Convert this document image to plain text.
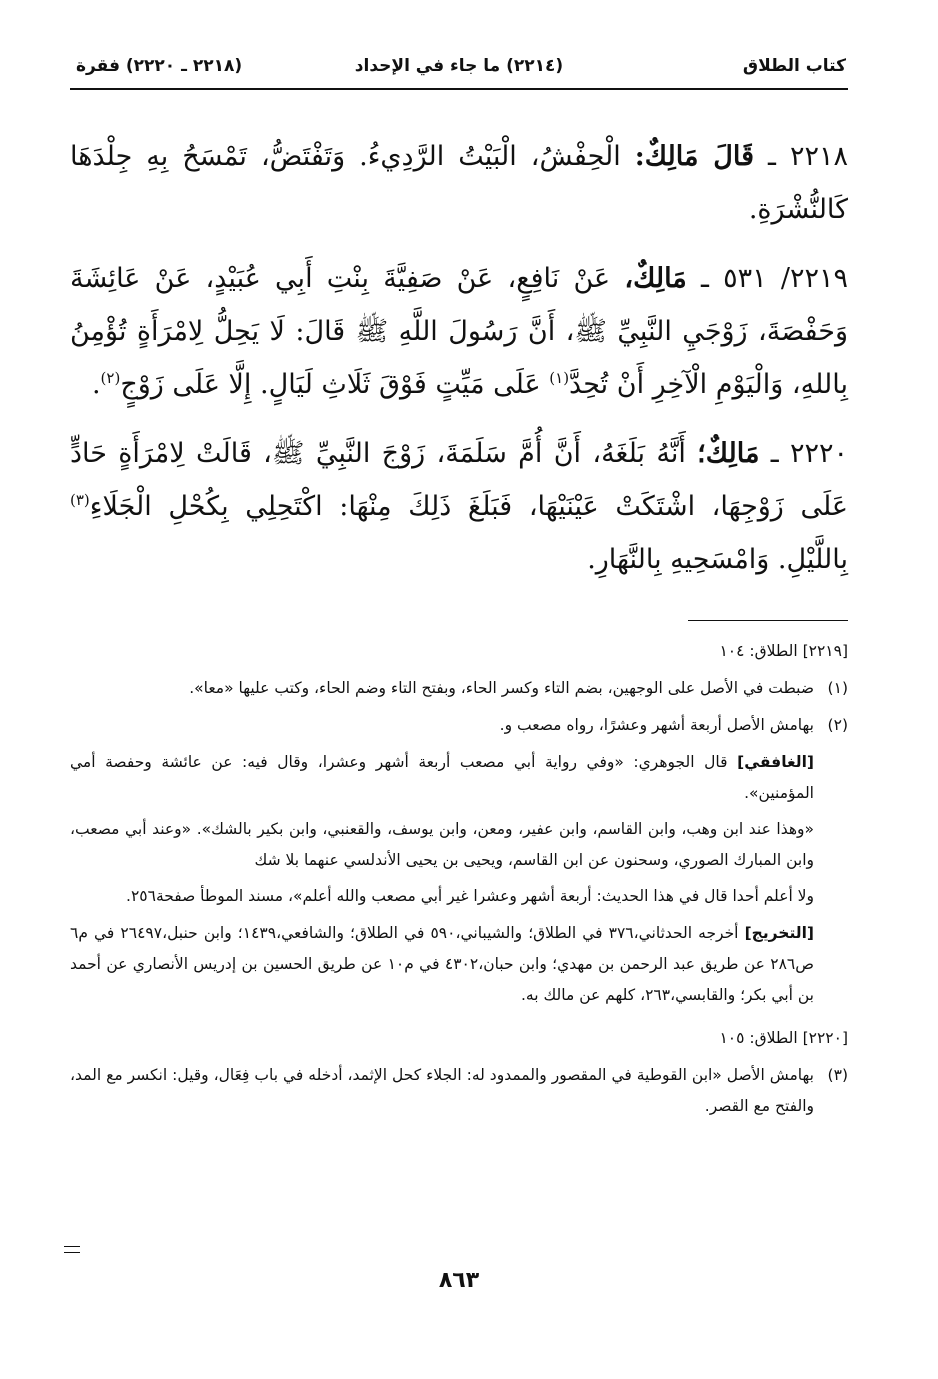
كتاب الطلاق
(٢٢١٤) ما جاء في الإحداد
(٢٢١٨ ـ ٢٢٢٠) فقرة

٢٢١٨ ـ قَالَ مَالِكٌ: الْحِفْشُ، الْبَيْتُ الرَّدِيءُ. وَتَفْتَضُّ، تَمْسَحُ بِهِ جِلْدَهَا كَالنُّشْرَةِ.

٢٢١٩/ ٥٣١ ـ مَالِكٌ، عَنْ نَافِعٍ، عَنْ صَفِيَّةَ بِنْتِ أَبِي عُبَيْدٍ، عَنْ عَائِشَةَ وَحَفْصَةَ، زَوْجَيِ النَّبِيِّ ﷺ، أَنَّ رَسُولَ اللَّهِ ﷺ قَالَ: لَا يَحِلُّ لِامْرَأَةٍ تُؤْمِنُ بِاللهِ، وَالْيَوْمِ الْآخِرِ أَنْ تُحِدَّ$^{(١)}$ عَلَى مَيِّتٍ فَوْقَ ثَلَاثِ لَيَالٍ. إِلَّا عَلَى زَوْجٍ$^{(٢)}$.

٢٢٢٠ ـ مَالِكٌ؛ أَنَّهُ بَلَغَهُ، أَنَّ أُمَّ سَلَمَةَ، زَوْجَ النَّبِيِّ ﷺ، قَالَتْ لِامْرَأَةٍ حَادٍّ عَلَى زَوْجِهَا، اشْتَكَتْ عَيْنَيْهَا، فَبَلَغَ ذَلِكَ مِنْهَا: اكْتَحِلِي بِكُحْلِ الْجَلَاءِ$^{(٣)}$ بِاللَّيْلِ. وَامْسَحِيهِ بِالنَّهَارِ.

[٢٢١٩] الطلاق: ١٠٤
(١)
ضبطت في الأصل على الوجهين، بضم التاء وكسر الحاء، وبفتح التاء وضم الحاء، وكتب عليها «معا».
(٢)
بهامش الأصل أربعة أشهر وعشرًا، رواه مصعب و.

[الغافقي] قال الجوهري: «وفي رواية أبي مصعب أربعة أشهر وعشرا، وقال فيه: عن عائشة وحفصة أمي المؤمنين».

«وهذا عند ابن وهب، وابن القاسم، وابن عفير، ومعن، وابن يوسف، والقعنبي، وابن بكير بالشك». «وعند أبي مصعب، وابن المبارك الصوري، وسحنون عن ابن القاسم، ويحيى بن يحيى الأندلسي عنهما بلا شك

ولا أعلم أحدا قال في هذا الحديث: أربعة أشهر وعشرا غير أبي مصعب والله أعلم»، مسند الموطأ صفحة٢٥٦.

[التخريج] أخرجه الحدثاني،٣٧٦ في الطلاق؛ والشيباني،٥٩٠ في الطلاق؛ والشافعي،١٤٣٩؛ وابن حنبل،٢٦٤٩٧ في م٦ ص٢٨٦ عن طريق عبد الرحمن بن مهدي؛ وابن حبان،٤٣٠٢ في م١٠ عن طريق الحسين بن إدريس الأنصاري عن أحمد بن أبي بكر؛ والقابسي،٢٦٣، كلهم عن مالك به.

[٢٢٢٠] الطلاق: ١٠٥
(٣)
بهامش الأصل «ابن القوطية في المقصور والممدود له: الجلاء كحل الإثمد، أدخله في باب فِعَال، وقيل: انكسر مع المد، والفتح مع القصر.
٨٦٣
